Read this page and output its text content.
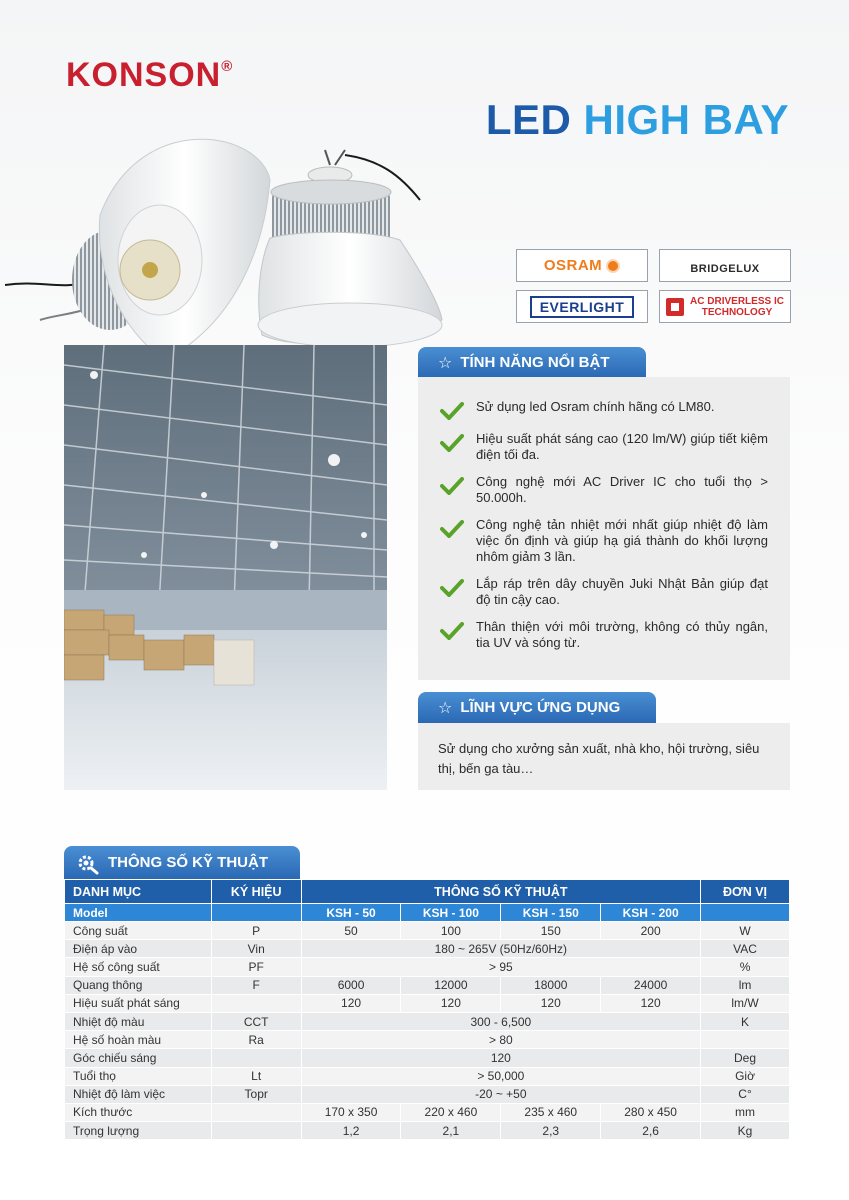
KONSON®
LED HIGH BAY
OSRAM	BRIDGELUX
EVERLIGHT	AC DRIVERLESS IC
TECHNOLOGY
☆ TÍNH NĂNG NỔI BẬT
Sử dụng led Osram chính hãng có LM80.
Hiệu suất phát sáng cao (120 lm/W) giúp tiết kiệm điện tối đa.
Công nghệ mới AC Driver IC cho tuổi thọ > 50.000h.
Công nghệ tản nhiệt mới nhất giúp nhiệt độ làm việc ổn định và giúp hạ giá thành do khối lượng nhôm giảm 3 lần.
Lắp ráp trên dây chuyền Juki Nhật Bản giúp đạt độ tin cậy cao.
Thân thiện với môi trường, không có thủy ngân, tia UV và sóng từ.
☆ LĨNH VỰC ỨNG DỤNG
Sử dụng cho xưởng sản xuất, nhà kho, hội trường, siêu thị, bến ga tàu…
THÔNG SỐ KỸ THUẬT
DANH MỤC	KÝ HIỆU	THÔNG SỐ KỸ THUẬT				ĐƠN VỊ
Model		KSH - 50	KSH - 100	KSH - 150	KSH - 200	
Công suất	P	50	100	150	200	W
Điện áp vào	Vin	180 ~ 265V (50Hz/60Hz)				VAC
Hệ số công suất	PF	> 95				%
Quang thông	F	6000	12000	18000	24000	lm
Hiệu suất phát sáng		120	120	120	120	lm/W
Nhiệt độ màu	CCT	300 - 6,500				K
Hệ số hoàn màu	Ra	> 80				
Góc chiếu sáng		120				Deg
Tuổi thọ	Lt	> 50,000				Giờ
Nhiệt độ làm việc	Topr	-20 ~ +50				C°
Kích thước		170 x 350	220 x 460	235 x 460	280 x 450	mm
Trọng lượng		1,2	2,1	2,3	2,6	Kg
